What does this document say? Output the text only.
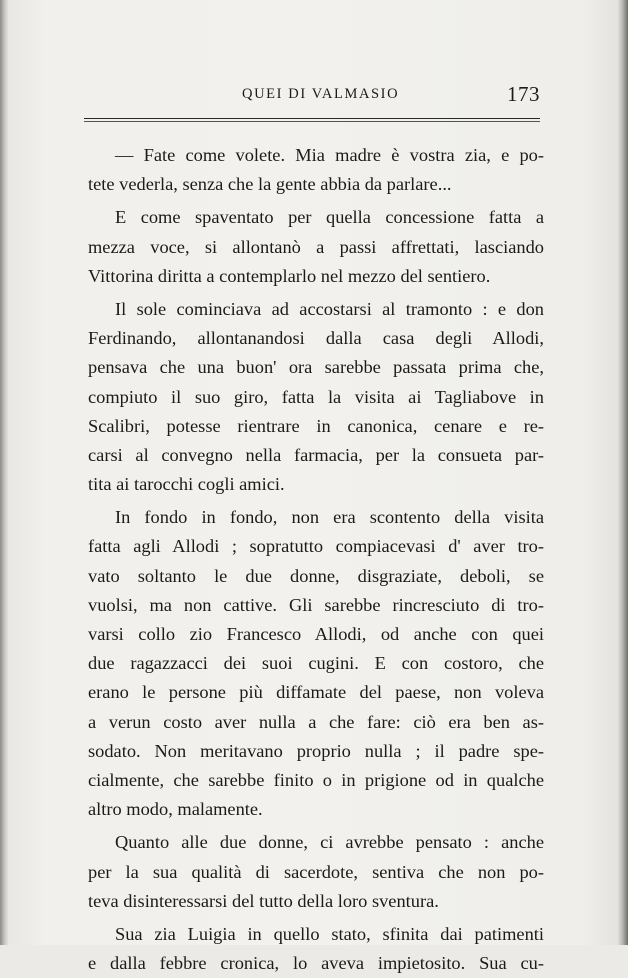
QUEI DI VALMASIO	173
— Fate come volete. Mia madre è vostra zia, e po-
tete vederla, senza che la gente abbia da parlare...
E come spaventato per quella concessione fatta a
mezza voce, si allontanò a passi affrettati, lasciando
Vittorina diritta a contemplarlo nel mezzo del sentiero.
Il sole cominciava ad accostarsi al tramonto : e don
Ferdinando, allontanandosi dalla casa degli Allodi,
pensava che una buon' ora sarebbe passata prima che,
compiuto il suo giro, fatta la visita ai Tagliabove in
Scalibri, potesse rientrare in canonica, cenare e re-
carsi al convegno nella farmacia, per la consueta par-
tita ai tarocchi cogli amici.
In fondo in fondo, non era scontento della visita
fatta agli Allodi ; sopratutto compiacevasi d' aver tro-
vato soltanto le due donne, disgraziate, deboli, se
vuolsi, ma non cattive. Gli sarebbe rincresciuto di tro-
varsi collo zio Francesco Allodi, od anche con quei
due ragazzacci dei suoi cugini. E con costoro, che
erano le persone più diffamate del paese, non voleva
a verun costo aver nulla a che fare: ciò era ben as-
sodato. Non meritavano proprio nulla ; il padre spe-
cialmente, che sarebbe finito o in prigione od in qualche
altro modo, malamente.
Quanto alle due donne, ci avrebbe pensato : anche
per la sua qualità di sacerdote, sentiva che non po-
teva disinteressarsi del tutto della loro sventura.
Sua zia Luigia in quello stato, sfinita dai patimenti
e dalla febbre cronica, lo aveva impietosito. Sua cu-
